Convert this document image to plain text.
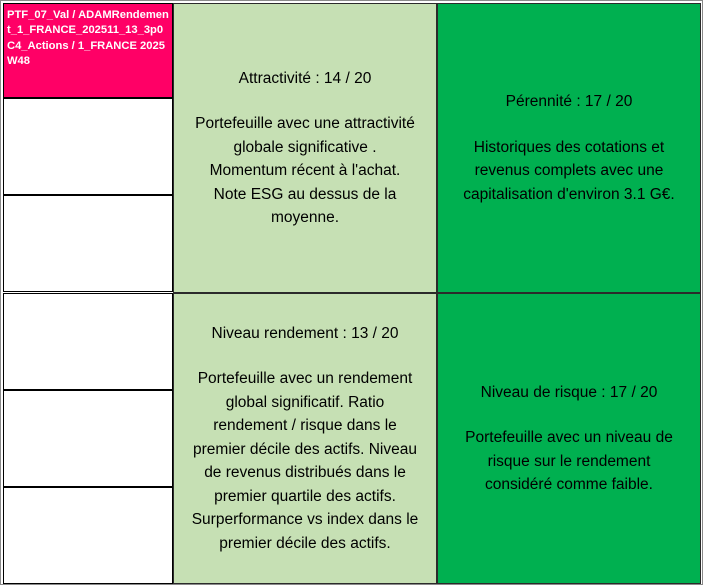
PTF_07_Val / ADAMRendement_1_FRANCE_202511_13_3p0 C4_Actions / 1_FRANCE 2025W48
Attractivité : 14 / 20
Portefeuille avec une attractivité
globale significative .
Momentum récent à l'achat.
Note ESG au dessus de la
moyenne.
Pérennité : 17 / 20
Historiques des cotations et
revenus complets avec une
capitalisation d'environ 3.1 G€.
Niveau rendement : 13 / 20
Portefeuille avec un rendement
global significatif. Ratio
rendement / risque dans le
premier décile des actifs. Niveau
de revenus distribués dans le
premier quartile des actifs.
Surperformance vs index dans le
premier décile des actifs.
Niveau de risque : 17 / 20
Portefeuille avec un niveau de
risque sur le rendement
considéré comme faible.
